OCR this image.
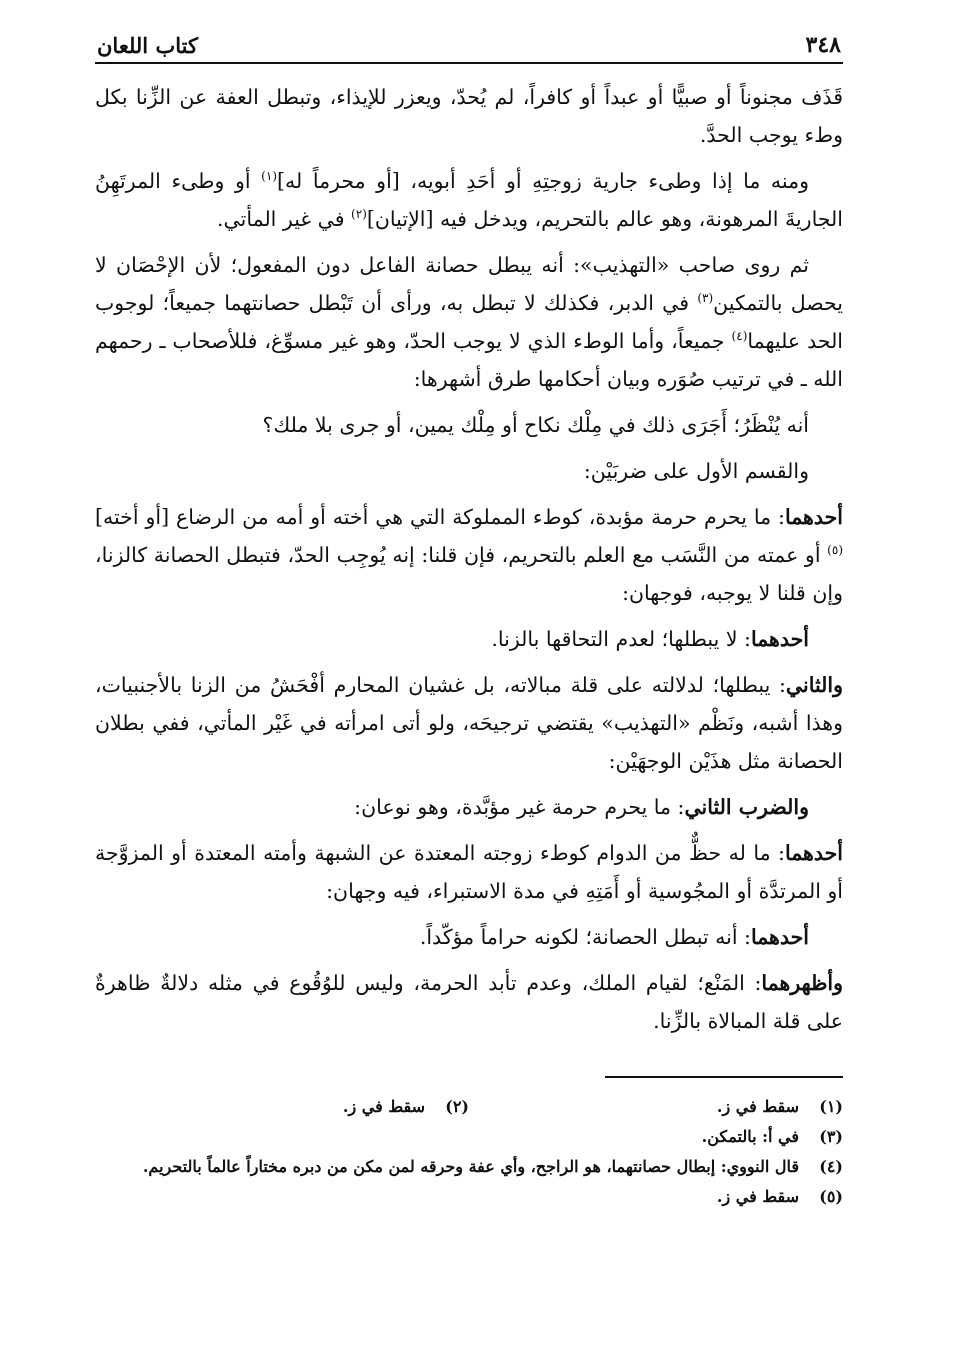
٣٤٨
كتاب اللعان

قَذَف مجنوناً أو صبيًّا أو عبداً أو كافراً، لم يُحدّ، ويعزر للإيذاء، وتبطل العفة عن الزِّنا بكل وطء يوجب الحدَّ.

ومنه ما إذا وطىء جارية زوجتِهِ أو أحَدِ أبويه، [أو محرماً له]$^{(١)}$ أو وطىء المرتَهِنُ الجاريةَ المرهونة، وهو عالم بالتحريم، ويدخل فيه [الإتيان]$^{(٢)}$ في غير المأتي.

ثم روى صاحب «التهذيب»: أنه يبطل حصانة الفاعل دون المفعول؛ لأن الإحْصَان لا يحصل بالتمكين$^{(٣)}$ في الدبر، فكذلك لا تبطل به، ورأى أن تَبْطل حصانتهما جميعاً؛ لوجوب الحد عليهما$^{(٤)}$ جميعاً، وأما الوطء الذي لا يوجب الحدّ، وهو غير مسوِّغ، فللأصحاب ـ رحمهم الله ـ في ترتيب صُوَره وبيان أحكامها طرق أشهرها:

أنه يُنْظَرُ؛ أَجَرَى ذلك في مِلْك نكاح أو مِلْك يمين، أو جرى بلا ملك؟

والقسم الأول على ضربَيْن:

أحدهما: ما يحرم حرمة مؤبدة، كوطء المملوكة التي هي أخته أو أمه من الرضاع [أو أخته]$^{(٥)}$ أو عمته من النَّسَب مع العلم بالتحريم، فإن قلنا: إنه يُوجِب الحدّ، فتبطل الحصانة كالزنا، وإن قلنا لا يوجبه، فوجهان:

أحدهما: لا يبطلها؛ لعدم التحاقها بالزنا.

والثاني: يبطلها؛ لدلالته على قلة مبالاته، بل غشيان المحارم أفْحَشُ من الزنا بالأجنبيات، وهذا أشبه، ونَظْم «التهذيب» يقتضي ترجيحَه، ولو أتى امرأته في غَيْر المأتي، ففي بطلان الحصانة مثل هذَيْن الوجهَيْن:

والضرب الثاني: ما يحرم حرمة غير مؤبَّدة، وهو نوعان:

أحدهما: ما له حظٌّ من الدوام كوطء زوجته المعتدة عن الشبهة وأمته المعتدة أو المزوَّجة أو المرتدَّة أو المجُوسية أو أَمَتِهِ في مدة الاستبراء، فيه وجهان:

أحدهما: أنه تبطل الحصانة؛ لكونه حراماً مؤكّداً.

وأظهرهما: المَنْع؛ لقيام الملك، وعدم تأبد الحرمة، وليس للوُقُوع في مثله دلالةٌ ظاهرةٌ على قلة المبالاة بالزِّنا.

(١)
سقط في ز.
(٢)
سقط في ز.
(٣)
في أ: بالتمكن.
(٤)
قال النووي: إبطال حصانتهما، هو الراجح، وأي عفة وحرقه لمن مكن من دبره مختاراً عالماً بالتحريم.
(٥)
سقط في ز.
